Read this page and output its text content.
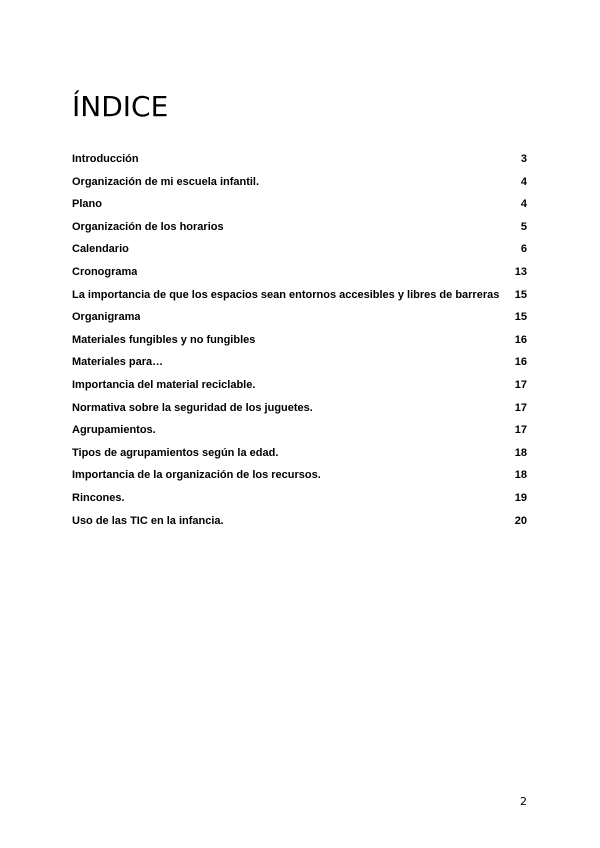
ÍNDICE
Introducción	3
Organización de mi escuela infantil.	4
Plano	4
Organización de los horarios	5
Calendario	6
Cronograma	13
La importancia de que los espacios sean entornos accesibles y libres de barreras	15
Organigrama	15
Materiales fungibles y no fungibles	16
Materiales para…	16
Importancia del material reciclable.	17
Normativa sobre la seguridad de los juguetes.	17
Agrupamientos.	17
Tipos de agrupamientos según la edad.	18
Importancia de la organización de los recursos.	18
Rincones.	19
Uso de las TIC en la infancia.	20
2
